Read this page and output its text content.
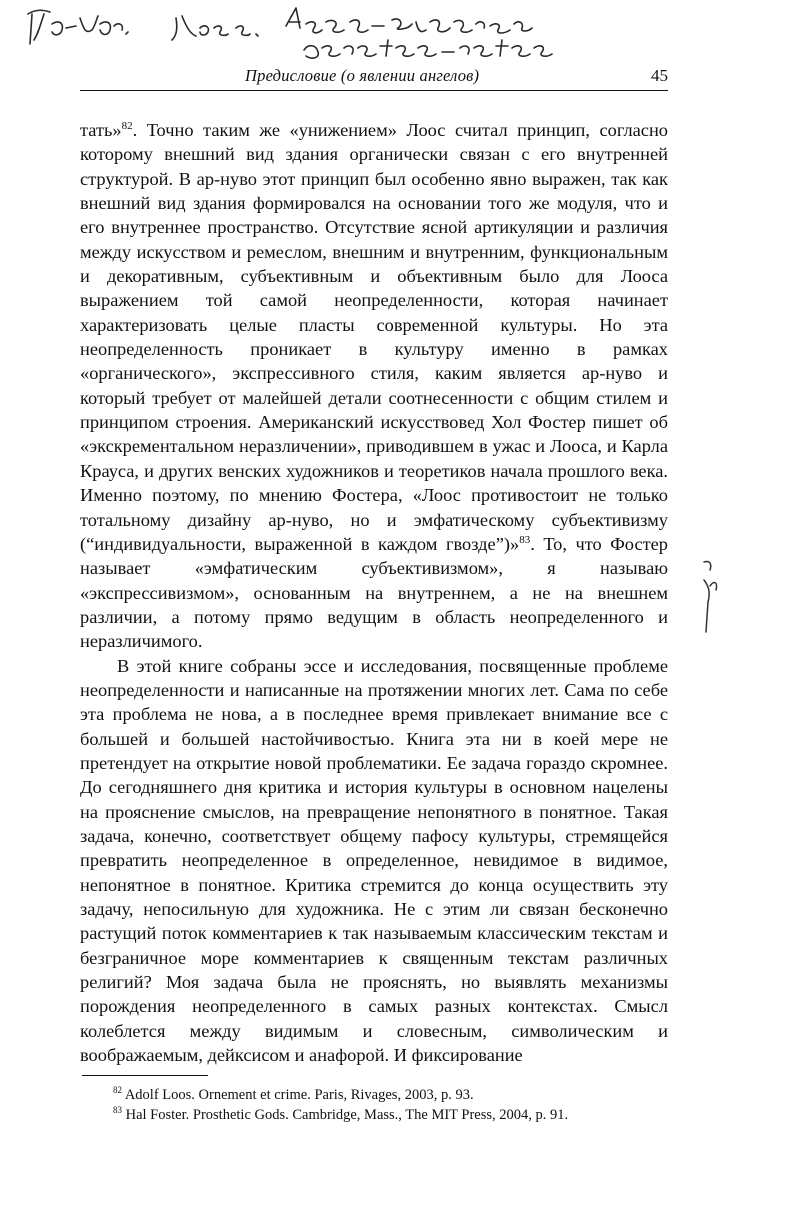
Предисловие (о явлении ангелов)	45

тать»$^{82}$. Точно таким же «унижением» Лоос считал принцип, согласно которому внешний вид здания органически связан с его внутренней структурой. В ар-нуво этот принцип был особенно явно выражен, так как внешний вид здания формировался на основании того же модуля, что и его внутреннее пространство. Отсутствие ясной артикуляции и различия между искусством и ремеслом, внешним и внутренним, функциональным и декоративным, субъективным и объективным было для Лооса выражением той самой неопределенности, которая начинает характеризовать целые пласты современной культуры. Но эта неопределенность проникает в культуру именно в рамках «органического», экспрессивного стиля, каким является ар-нуво и который требует от малейшей детали соотнесенности с общим стилем и принципом строения. Американский искусствовед Хол Фостер пишет об «экскрементальном неразличении», приводившем в ужас и Лооса, и Карла Крауса, и других венских художников и теоретиков начала прошлого века. Именно поэтому, по мнению Фостера, «Лоос противостоит не только тотальному дизайну ар-нуво, но и эмфатическому субъективизму (“индивидуальности, выраженной в каждом гвозде”)»$^{83}$. То, что Фостер называет «эмфатическим субъективизмом», я называю «экспрессивизмом», основанным на внутреннем, а не на внешнем различии, а потому прямо ведущим в область неопределенного и неразличимого.

В этой книге собраны эссе и исследования, посвященные проблеме неопределенности и написанные на протяжении многих лет. Сама по себе эта проблема не нова, а в последнее время привлекает внимание все с большей и большей настойчивостью. Книга эта ни в коей мере не претендует на открытие новой проблематики. Ее задача гораздо скромнее. До сегодняшнего дня критика и история культуры в основном нацелены на прояснение смыслов, на превращение непонятного в понятное. Такая задача, конечно, соответствует общему пафосу культуры, стремящейся превратить неопределенное в определенное, невидимое в видимое, непонятное в понятное. Критика стремится до конца осуществить эту задачу, непосильную для художника. Не с этим ли связан бесконечно растущий поток комментариев к так называемым классическим текстам и безграничное море комментариев к священным текстам различных религий? Моя задача была не прояснять, но выявлять механизмы порождения неопределенного в самых разных контекстах. Смысл колеблется между видимым и словесным, символическим и воображаемым, дейксисом и анафорой. И фиксирование

$^{82}$ Adolf Loos. Ornement et crime. Paris, Rivages, 2003, p. 93.
$^{83}$ Hal Foster. Prosthetic Gods. Cambridge, Mass., The MIT Press, 2004, p. 91.
